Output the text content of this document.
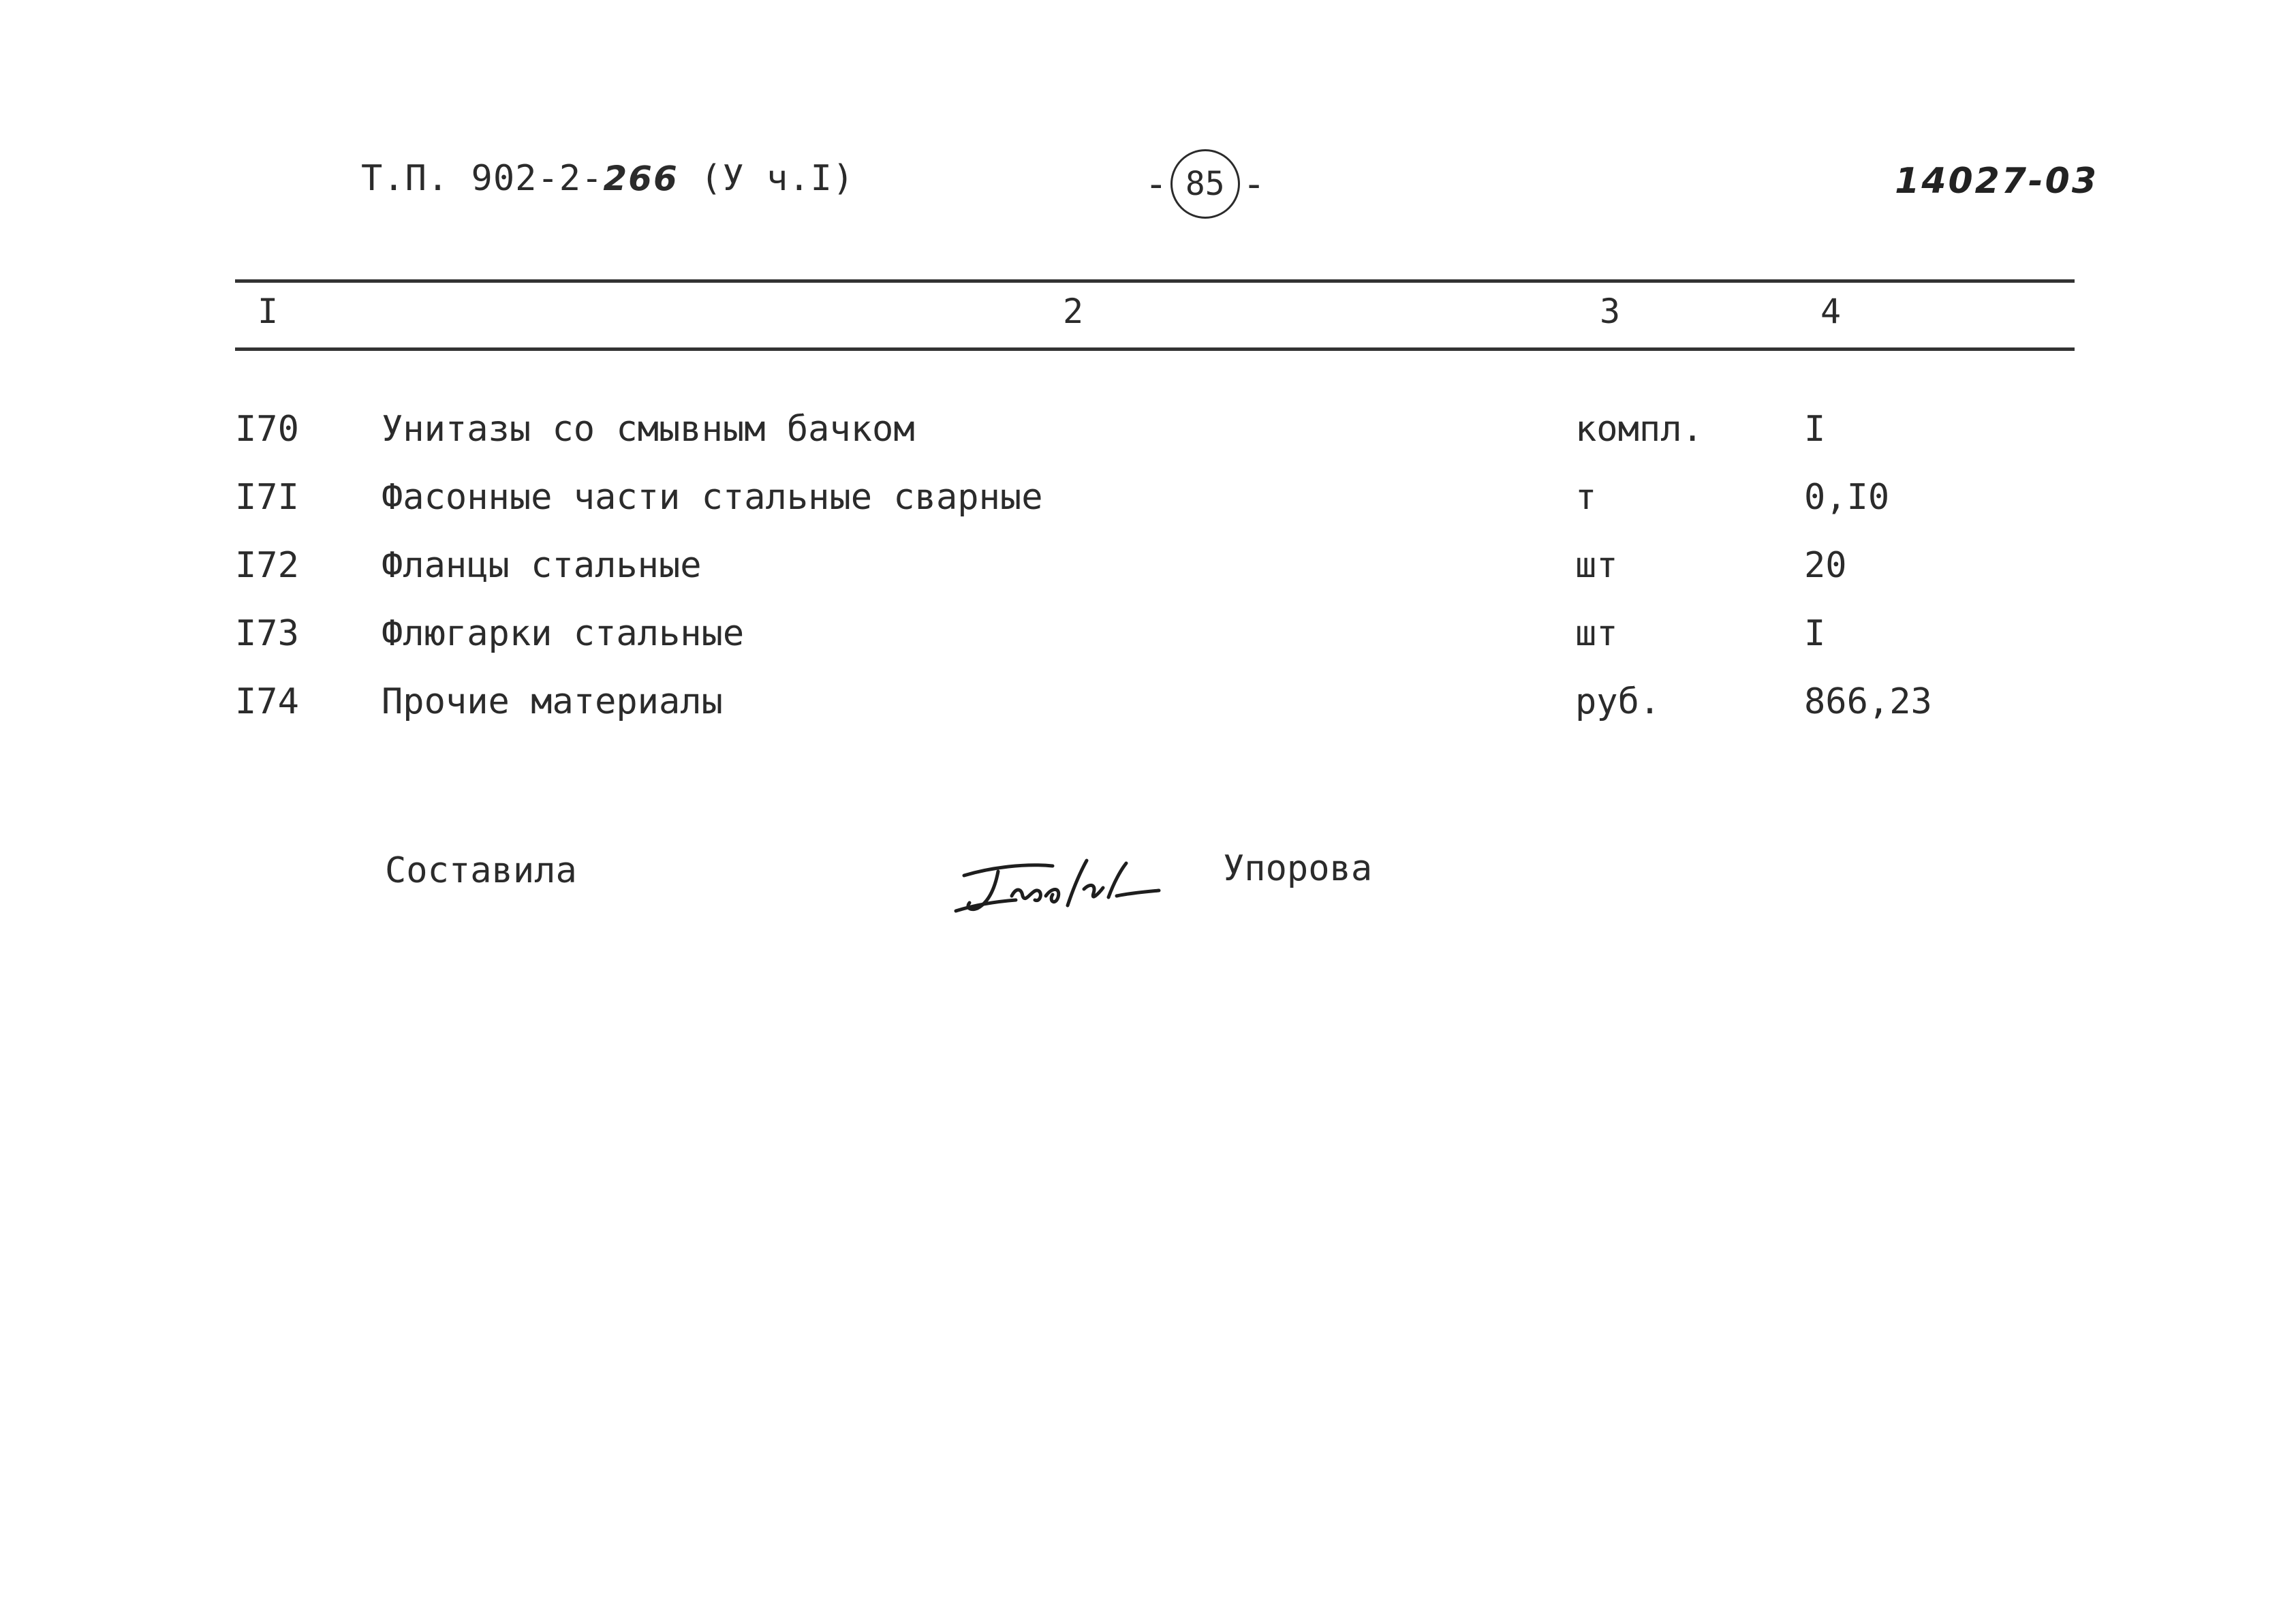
Т.П. 902-2-266 (У ч.I)	- 85 -	14027-03
I	2	3	4
I70 Унитазы со смывным бачком	компл.	I
I7I Фасонные части стальные сварные	т	0,I0
I72 Фланцы стальные	шт	20
I73 Флюгарки стальные	шт	I
I74 Прочие материалы	руб.	866,23
Составила	Упорова
